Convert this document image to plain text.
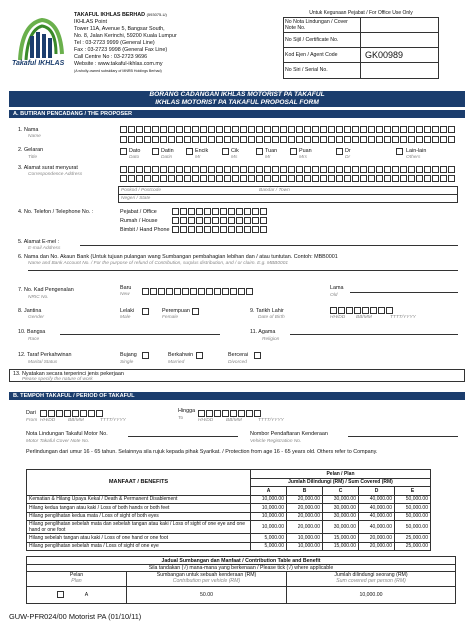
Takaful IKHLAS
TAKAFUL IKHLAS BERHAD (593075-U)
IKHLAS Point
Tower 11A, Avenue 5, Bangsar South,
No. 8, Jalan Kerinchi, 59200 Kuala Lumpur
Tel : 03-2723 9999 (General Line)
Fax : 03-2723 9998 (General Fax Line)
Call Centre No : 03-2723 9696
Website : www.takaful-ikhlas.com.my
(A wholly-owned subsidiary of MNRB Holdings Berhad)
Untuk Kegunaan Pejabat / For Office Use Only
No Nota Lindungan / Cover Note No.
No Sijil / Certificate No.
Kod Ejen / Agent Code	GK00989
No Siri / Serial No.
BORANG CADANGAN IKHLAS MOTORIST PA TAKAFUL
IKHLAS MOTORIST PA TAKAFUL PROPOSAL FORM
A. BUTIRAN PENCADANG / THE PROPOSER
1. Nama
Name
2. Gelaran
Title
Dato
Dato
Datin
Datin
Encik
Mr
Cik
Ms
Tuan
Mr
Puan
Mrs
Dr
Dr
Lain-lain
Others
3. Alamat surat menyurat
Correspondence Address
Poskod / Postcode	Bandar / Town
Negeri / State
4. No. Telefon / Telephone No. :	Pejabat / Office
Rumah / House
Bimbit / Hand Phone
5. Alamat E-mel :
E-mail Address
6. Nama dan No. Akaun Bank (Untuk tujuan pulangan wang Sumbangan pembahagian lebihan dan / atau tuntutan. Contoh: MBB0001
Name and Bank Account No. / For the purpose of refund of Contribution, surplus distribution, and / or claim. E.g. MBB0001
7. No. Kad Pengenalan
NRIC No.
Baru
New
Lama
Old
8. Jantina
Gender
Lelaki
Male
Perempuan
Female
9. Tarikh Lahir
Date of Birth	HH/DD BB/MM	TTTT/YYYY
10. Bangsa
Race
11. Agama
Religion
12. Taraf Perkahwinan
Marital Status
Bujang
Single
Berkahwin
Married
Bercerai
Divorced
13. Nyatakan secara terperinci jenis pekerjaan
Please specify the nature of work
B. TEMPOH TAKAFUL / PERIOD OF TAKAFUL
Dari
From HH/DD	BB/MM	TTTT/YYYY
Hingga
To	HH/DD	BB/MM	TTTT/YYYY
Nota Lindungan Takaful Motor No.
Motor Takaful Cover Note No.
Nombor Pendaftaran Kenderaan
Vehicle Registration No.
Perlindungan dari umur 16 - 65 tahun. Selainnya sila rujuk kepada pihak Syarikat. / Protection from age 16 - 65 years old. Others refer to Company.
MANFAAT / BENEFITS	Pelan / Plan				
	Jumlah Dilindungi (RM) / Sum Covered (RM)				
	A	B	C	D	E
Kematian & Hilang Upaya Kekal / Death & Permanent Disablement	10,000.00	20,000.00	30,000.00	40,000.00	50,000.00
Hilang kedua tangan atau kaki / Loss of both hands or both feet	10,000.00	20,000.00	30,000.00	40,000.00	50,000.00
Hilang penglihatan kedua mata / Loss of sight of both eyes	10,000.00	20,000.00	30,000.00	40,000.00	50,000.00
Hilang penglihatan sebelah mata dan sebelah tangan atau kaki / Loss of sight of one eye and one hand or one foot	10,000.00	20,000.00	30,000.00	40,000.00	50,000.00
Hilang sebelah tangan atau kaki / Loss of one hand or one foot	5,000.00	10,000.00	15,000.00	20,000.00	25,000.00
Hilang penglihatan sebelah mata / Loss of sight of one eye	5,000.00	10,000.00	15,000.00	20,000.00	25,000.00
Jadual Sumbangan dan Manfaat / Contribution Table and Benefit
Sila tandakan (√) mana-mana yang berkenaan / Please tick (√) where applicable
Pelan
Plan
Sumbangan untuk sebuah kenderaan (RM)
Contribution per vehicle (RM)
Jumlah dilindungi seorang (RM)
Sum covered per person (RM)
A	50.00	10,000.00
GUW-PFR024/00 Motorist PA (01/10/11)
